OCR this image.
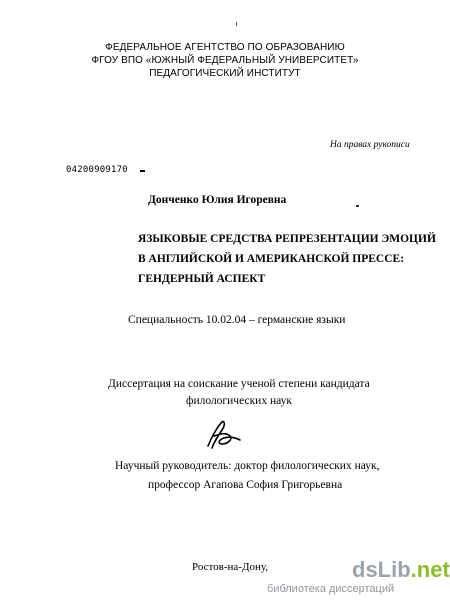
ФЕДЕРАЛЬНОЕ АГЕНТСТВО ПО ОБРАЗОВАНИЮ
ФГОУ ВПО «ЮЖНЫЙ ФЕДЕРАЛЬНЫЙ УНИВЕРСИТЕТ»
ПЕДАГОГИЧЕСКИЙ ИНСТИТУТ
На правах рукописи
04200909170
Донченко Юлия Игоревна
ЯЗЫКОВЫЕ СРЕДСТВА РЕПРЕЗЕНТАЦИИ ЭМОЦИЙ
В АНГЛИЙСКОЙ И АМЕРИКАНСКОЙ ПРЕССЕ:
ГЕНДЕРНЫЙ АСПЕКТ
Специальность 10.02.04 – германские языки
Диссертация на соискание ученой степени кандидата
филологических наук
Научный руководитель: доктор филологических наук,
профессор Агапова София Григорьевна
Ростов-на-Дону,	dsLib.net
библиотека диссертаций
